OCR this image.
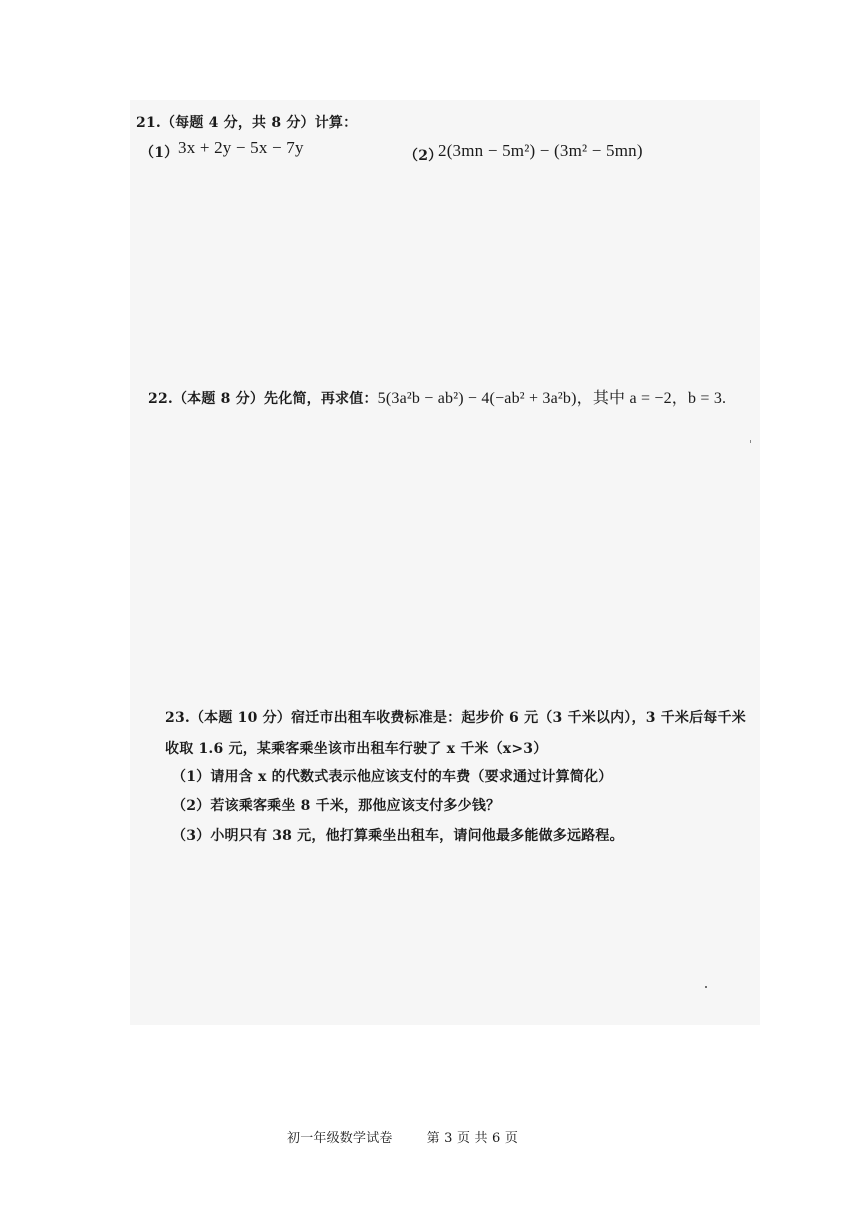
21.（每题 4 分，共 8 分）计算：
（1） 3x + 2y − 5x − 7y	（2）
2(3mn − 5m²) − (3m² − 5mn)
22.（本题 8 分）先化简，再求值：5(3a²b − ab²) − 4(−ab² + 3a²b)，其中 a = −2，b = 3.
23.（本题 10 分）宿迁市出租车收费标准是：起步价 6 元（3 千米以内），3 千米后每千米
收取 1.6 元，某乘客乘坐该市出租车行驶了 x 千米（x>3）
（1）请用含 x 的代数式表示他应该支付的车费（要求通过计算简化）
（2）若该乘客乘坐 8 千米，那他应该支付多少钱？
（3）小明只有 38 元，他打算乘坐出租车，请问他最多能做多远路程。
初一年级数学试卷	第 3 页 共 6 页
